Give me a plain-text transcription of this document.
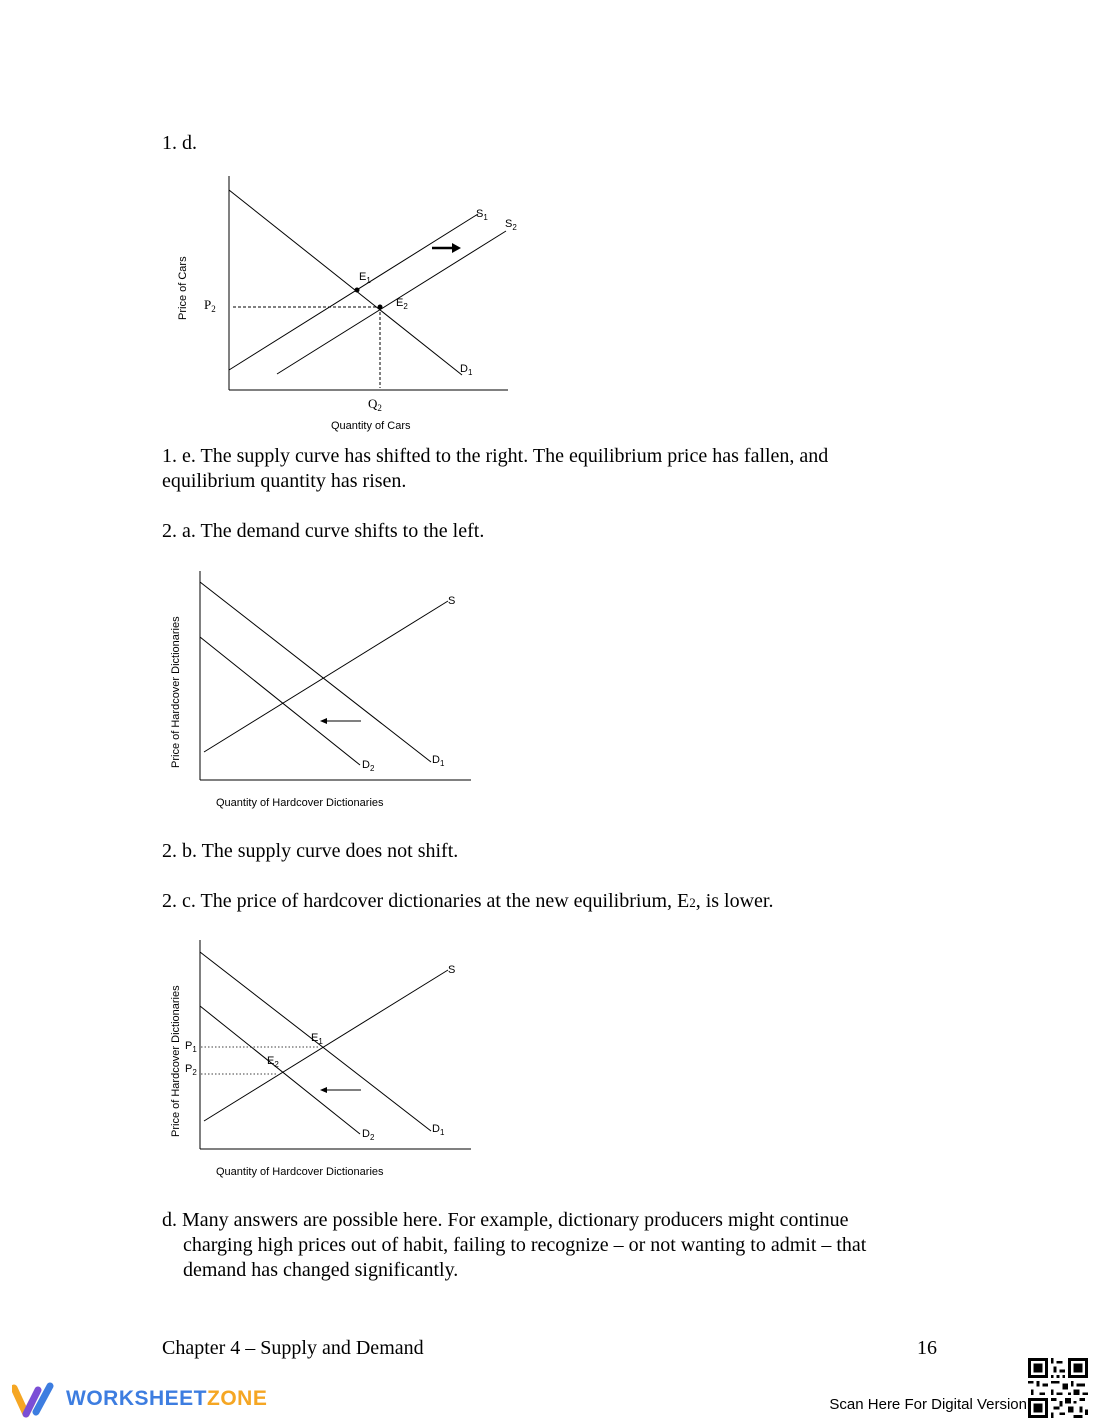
1. d.
$E_1$
$E_2$
$S_1$
$S_2$
$D_1$
$P_2$
$Q_2$
Price of Cars
Quantity of Cars
1. e. The supply curve has shifted to the right. The equilibrium price has fallen, and
equilibrium quantity has risen.
2. a. The demand curve shifts to the left.
S
$D_1$
$D_2$
Price of Hardcover Dictionaries
Quantity of Hardcover Dictionaries
2. b. The supply curve does not shift.
2. c. The price of hardcover dictionaries at the new equilibrium, E2, is lower.
S
$D_1$
$D_2$
$E_1$
$E_2$
$P_1$
$P_2$
Price of Hardcover Dictionaries
Quantity of Hardcover Dictionaries
d. Many answers are possible here. For example, dictionary producers might continue
charging high prices out of habit, failing to recognize – or not wanting to admit – that
demand has changed significantly.
Chapter 4 – Supply and Demand	16
WORKSHEETZONE	Scan Here For Digital Version
